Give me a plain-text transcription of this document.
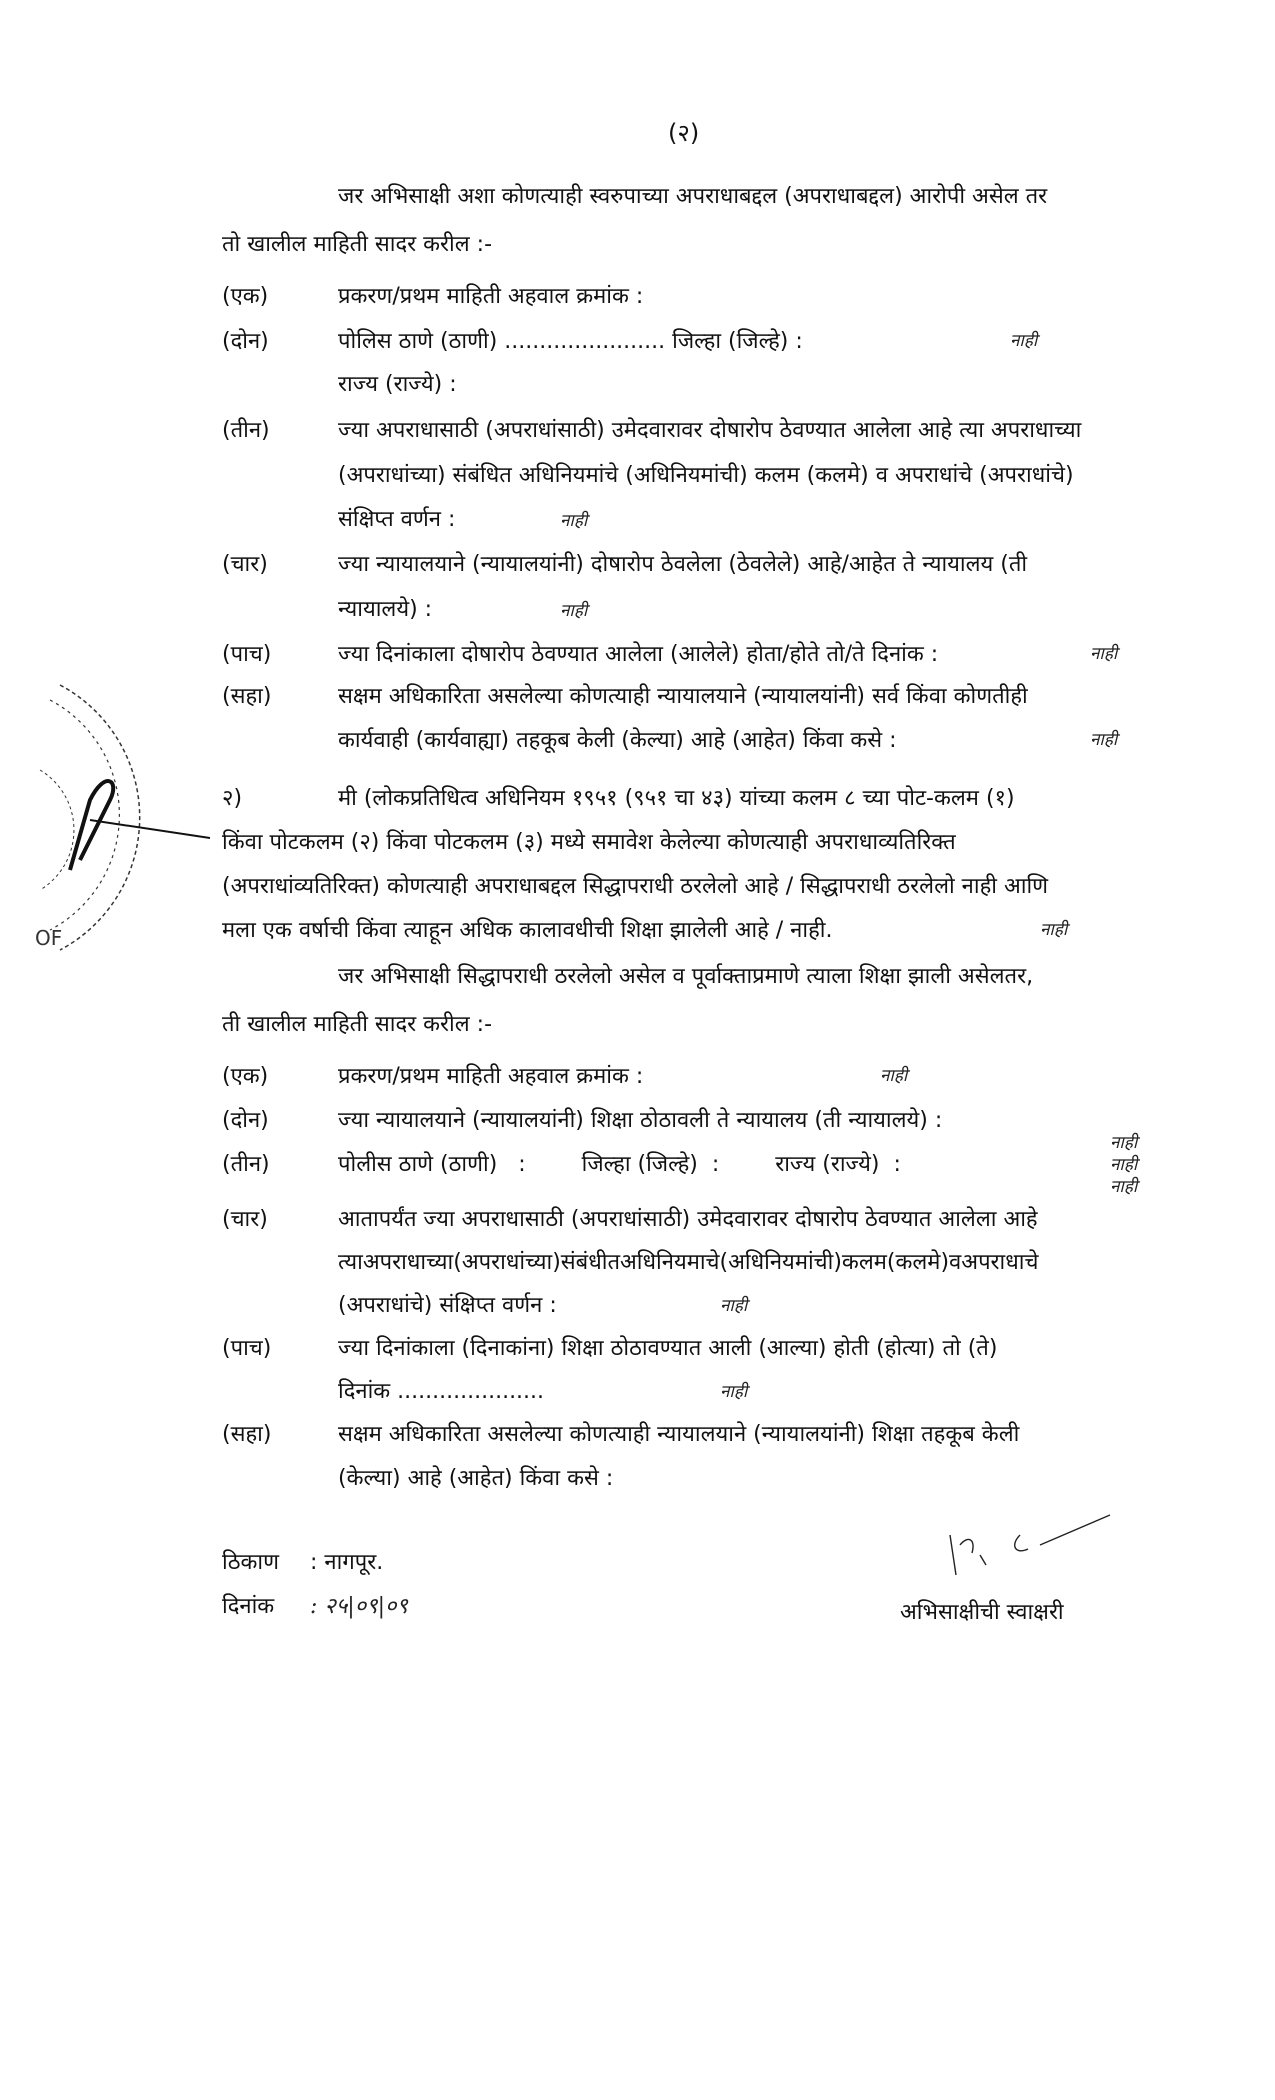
(२)
जर अभिसाक्षी अशा कोणत्याही स्वरुपाच्या अपराधाबद्दल (अपराधाबद्दल) आरोपी असेल तर
तो खालील माहिती सादर करील :-
(एक)	प्रकरण/प्रथम माहिती अहवाल क्रमांक :
(दोन)	पोलिस ठाणे (ठाणी) ....................... जिल्हा (जिल्हे) :	नाही
राज्य (राज्ये) :
(तीन)	ज्या अपराधासाठी (अपराधांसाठी) उमेदवारावर दोषारोप ठेवण्यात आलेला आहे त्या अपराधाच्या
(अपराधांच्या) संबंधित अधिनियमांचे (अधिनियमांची) कलम (कलमे) व अपराधांचे (अपराधांचे)
संक्षिप्त वर्णन :	नाही
(चार)	ज्या न्यायालयाने (न्यायालयांनी) दोषारोप ठेवलेला (ठेवलेले) आहे/आहेत ते न्यायालय (ती
न्यायालये) :	नाही
(पाच)	ज्या दिनांकाला दोषारोप ठेवण्यात आलेला (आलेले) होता/होते तो/ते दिनांक :	नाही
(सहा)	सक्षम अधिकारिता असलेल्या कोणत्याही न्यायालयाने (न्यायालयांनी) सर्व किंवा कोणतीही
कार्यवाही (कार्यवाह्या) तहकूब केली (केल्या) आहे (आहेत) किंवा कसे :	नाही
२)	मी (लोकप्रतिधित्व अधिनियम १९५१ (९५१ चा ४३) यांच्या कलम ८ च्या पोट-कलम (१)
किंवा पोटकलम (२) किंवा पोटकलम (३) मध्ये समावेश केलेल्या कोणत्याही अपराधाव्यतिरिक्त
(अपराधांव्यतिरिक्त) कोणत्याही अपराधाबद्दल सिद्धापराधी ठरलेलो आहे / सिद्धापराधी ठरलेलो नाही आणि
मला एक वर्षाची किंवा त्याहून अधिक कालावधीची शिक्षा झालेली आहे / नाही.	नाही
जर अभिसाक्षी सिद्धापराधी ठरलेलो असेल व पूर्वाक्ताप्रमाणे त्याला शिक्षा झाली असेलतर,
ती खालील माहिती सादर करील :-
(एक)	प्रकरण/प्रथम माहिती अहवाल क्रमांक :	नाही
(दोन)	ज्या न्यायालयाने (न्यायालयांनी) शिक्षा ठोठावली ते न्यायालय (ती न्यायालये) :
(तीन)	पोलीस ठाणे (ठाणी)   :        जिल्हा (जिल्हे)  :        राज्य (राज्ये)  :
नाही
नाही
नाही
(चार)	आतापर्यंत ज्या अपराधासाठी (अपराधांसाठी) उमेदवारावर दोषारोप ठेवण्यात आलेला आहे
त्याअपराधाच्या(अपराधांच्या)संबंधीतअधिनियमाचे(अधिनियमांची)कलम(कलमे)वअपराधाचे
(अपराधांचे) संक्षिप्त वर्णन :	नाही
(पाच)	ज्या दिनांकाला (दिनाकांना) शिक्षा ठोठावण्यात आली (आल्या) होती (होत्या) तो (ते)
दिनांक .....................	नाही
(सहा)	सक्षम अधिकारिता असलेल्या कोणत्याही न्यायालयाने (न्यायालयांनी) शिक्षा तहकूब केली
(केल्या) आहे (आहेत) किंवा कसे :
ठिकाण : नागपूर.
दिनांक : २५|०९|०९	अभिसाक्षीची स्वाक्षरी
OF
